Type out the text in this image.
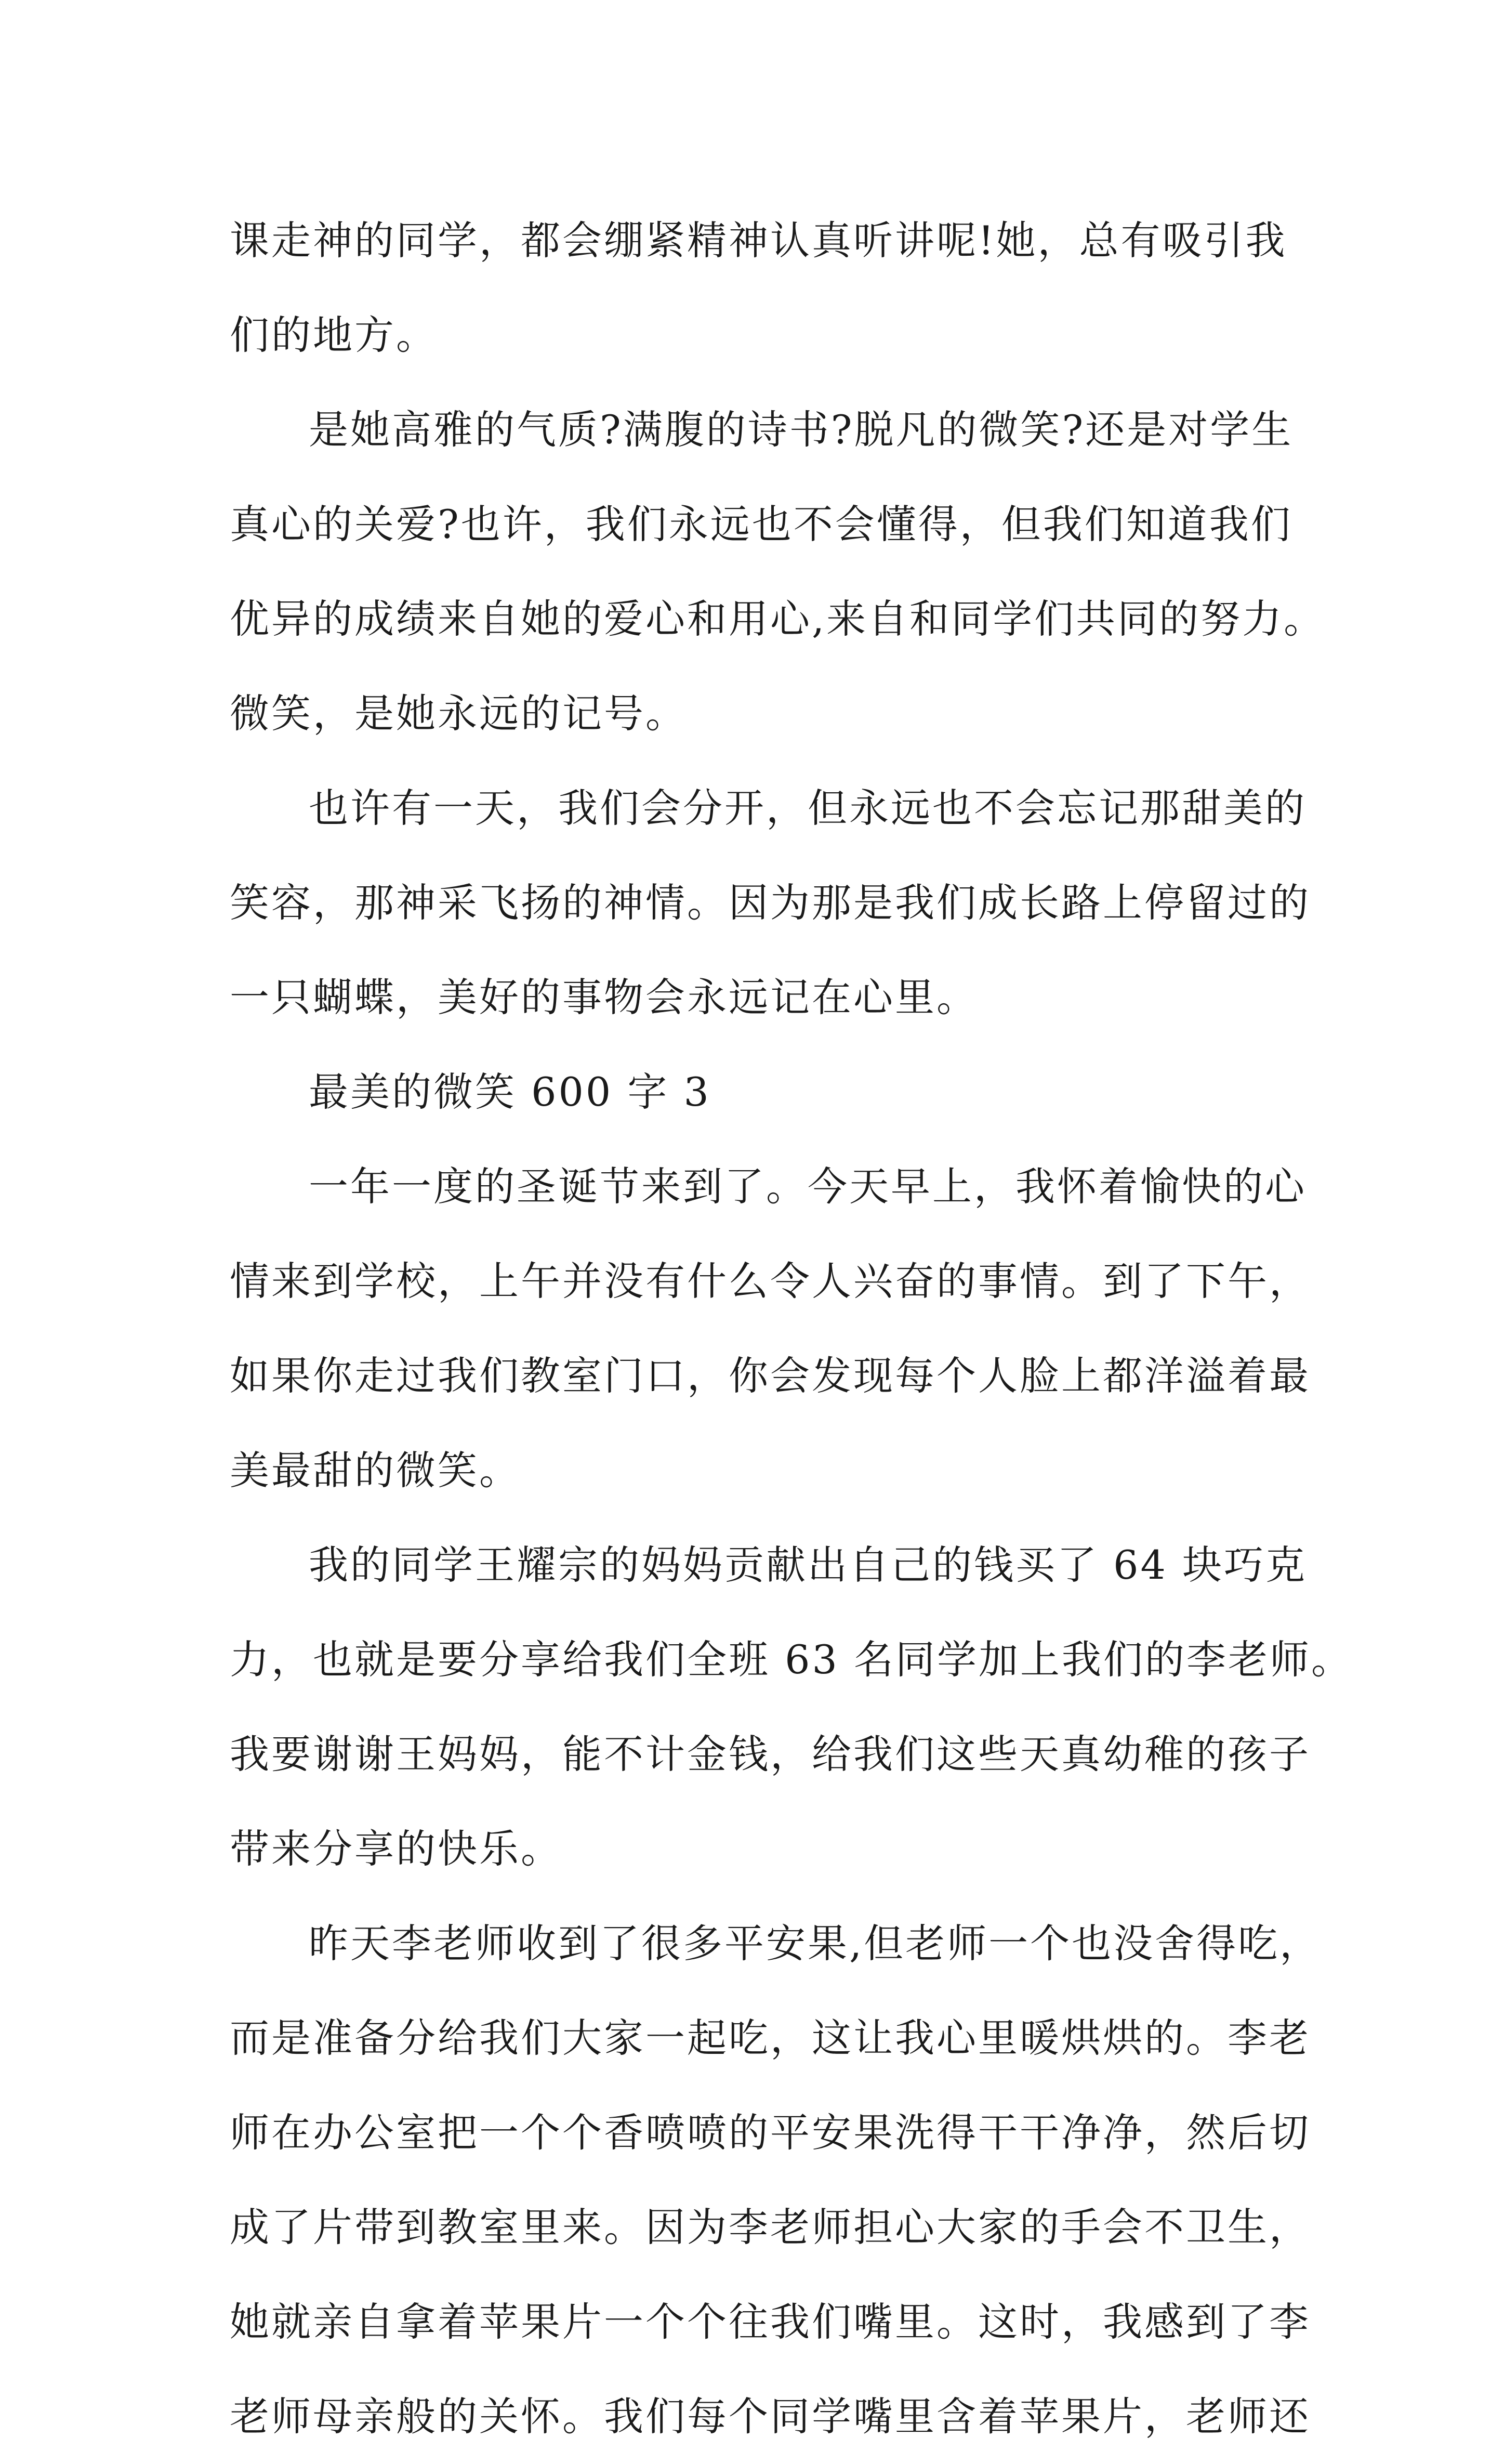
课走神的同学，都会绷紧精神认真听讲呢!她，总有吸引我
们的地方。
是她高雅的气质?满腹的诗书?脱凡的微笑?还是对学生
真心的关爱?也许，我们永远也不会懂得，但我们知道我们
优异的成绩来自她的爱心和用心,来自和同学们共同的努力。
微笑，是她永远的记号。
也许有一天，我们会分开，但永远也不会忘记那甜美的
笑容，那神采飞扬的神情。因为那是我们成长路上停留过的
一只蝴蝶，美好的事物会永远记在心里。
最美的微笑 600 字 3
一年一度的圣诞节来到了。今天早上，我怀着愉快的心
情来到学校，上午并没有什么令人兴奋的事情。到了下午，
如果你走过我们教室门口，你会发现每个人脸上都洋溢着最
美最甜的微笑。
我的同学王耀宗的妈妈贡献出自己的钱买了 64 块巧克
力，也就是要分享给我们全班 63 名同学加上我们的李老师。
我要谢谢王妈妈，能不计金钱，给我们这些天真幼稚的孩子
带来分享的快乐。
昨天李老师收到了很多平安果,但老师一个也没舍得吃，
而是准备分给我们大家一起吃，这让我心里暖烘烘的。李老
师在办公室把一个个香喷喷的平安果洗得干干净净，然后切
成了片带到教室里来。因为李老师担心大家的手会不卫生，
她就亲自拿着苹果片一个个往我们嘴里。这时，我感到了李
老师母亲般的关怀。我们每个同学嘴里含着苹果片，老师还
